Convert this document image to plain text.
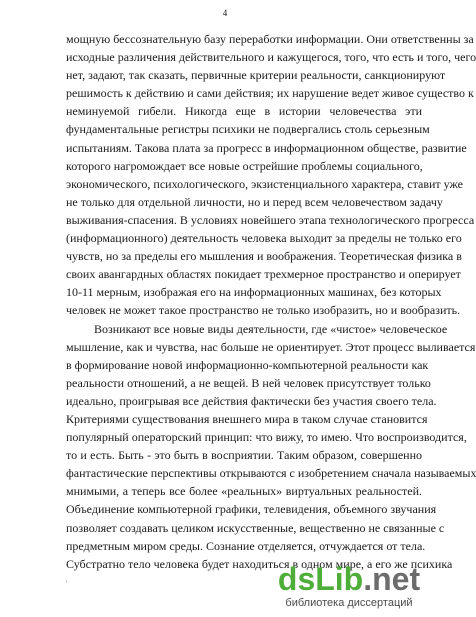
4
мощную бессознательную базу переработки информации. Они ответственны за
исходные различения действительного и кажущегося, того, что есть и того, чего
нет, задают, так сказать, первичные критерии реальности, санкционируют
решимость к действию и сами действия; их нарушение ведет живое существо к
неминуемой гибели. Никогда еще в истории человечества эти
фундаментальные регистры психики не подвергались столь серьезным
испытаниям. Такова плата за прогресс в информационном обществе, развитие
которого нагромождает все новые острейшие проблемы социального,
экономического, психологического, экзистенциального характера, ставит уже
не только для отдельной личности, но и перед всем человечеством задачу
выживания-спасения. В условиях новейшего этапа технологического прогресса
(информационного) деятельность человека выходит за пределы не только его
чувств, но за пределы его мышления и воображения. Теоретическая физика в
своих авангардных областях покидает трехмерное пространство и оперирует
10-11 мерным, изображая его на информационных машинах, без которых
человек не может такое пространство не только изобразить, но и вообразить.
Возникают все новые виды деятельности, где «чистое» человеческое
мышление, как и чувства, нас больше не ориентирует. Этот процесс выливается
в формирование новой информационно-компьютерной реальности как
реальности отношений, а не вещей. В ней человек присутствует только
идеально, проигрывая все действия фактически без участия своего тела.
Критериями существования внешнего мира в таком случае становится
популярный операторский принцип: что вижу, то имею. Что воспроизводится,
то и есть. Быть - это быть в восприятии. Таким образом, совершенно
фантастические перспективы открываются с изобретением сначала называемых
мнимыми, а теперь все более «реальных» виртуальных реальностей.
Объединение компьютерной графики, телевидения, объемного звучания
позволяет создавать целиком искусственные, вещественно не связанные с
предметным миром среды. Сознание отделяется, отчуждается от тела.
Субстратно тело человека будет находиться в одном мире, а его же психика
'	dsLib.net
библиотека диссертаций
